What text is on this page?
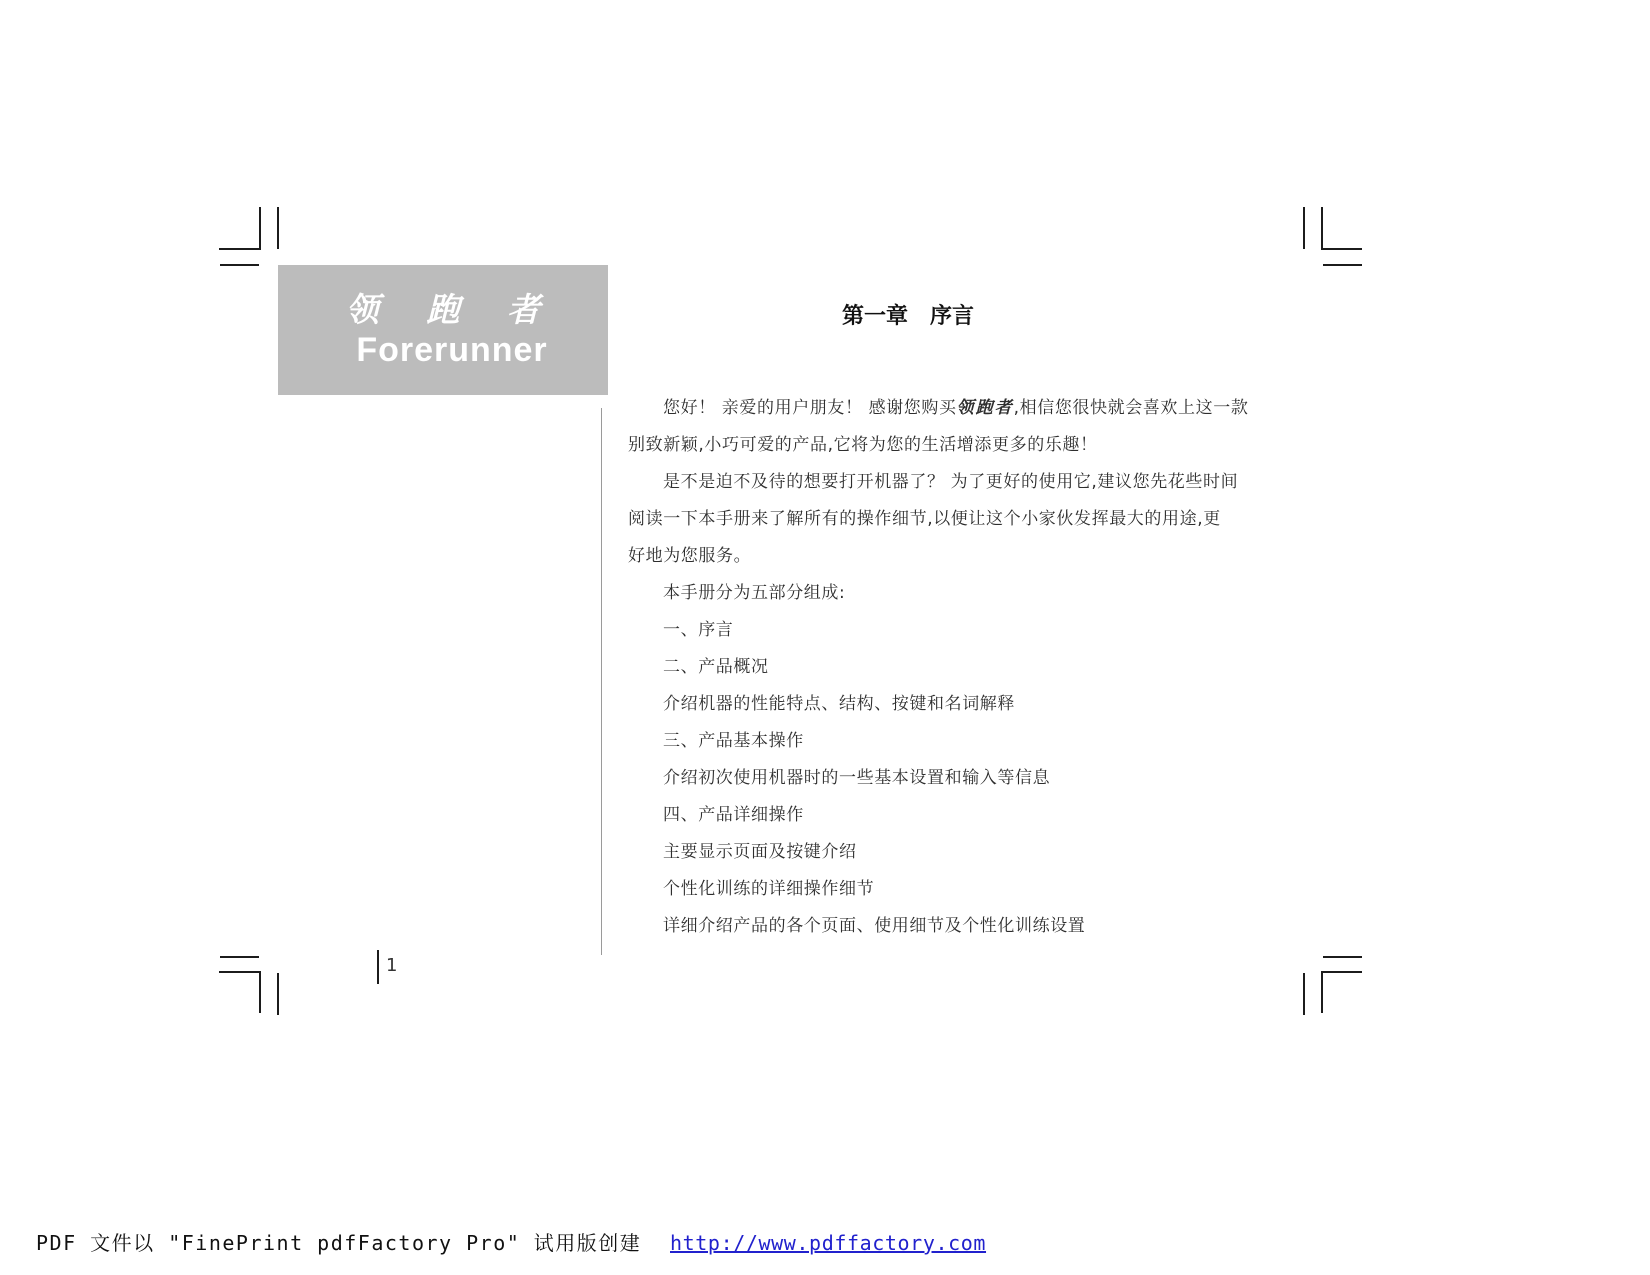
领 跑 者
Forerunner
第一章　序言
您好！ 亲爱的用户朋友！ 感谢您购买领跑者,相信您很快就会喜欢上这一款
别致新颖,小巧可爱的产品,它将为您的生活增添更多的乐趣！
是不是迫不及待的想要打开机器了？ 为了更好的使用它,建议您先花些时间
阅读一下本手册来了解所有的操作细节,以便让这个小家伙发挥最大的用途,更
好地为您服务。
本手册分为五部分组成:
一、序言
二、产品概况
介绍机器的性能特点、结构、按键和名词解释
三、产品基本操作
介绍初次使用机器时的一些基本设置和输入等信息
四、产品详细操作
主要显示页面及按键介绍
个性化训练的详细操作细节
详细介绍产品的各个页面、使用细节及个性化训练设置
1
PDF 文件以 "FinePrint pdfFactory Pro" 试用版创建 http://www.pdffactory.com
